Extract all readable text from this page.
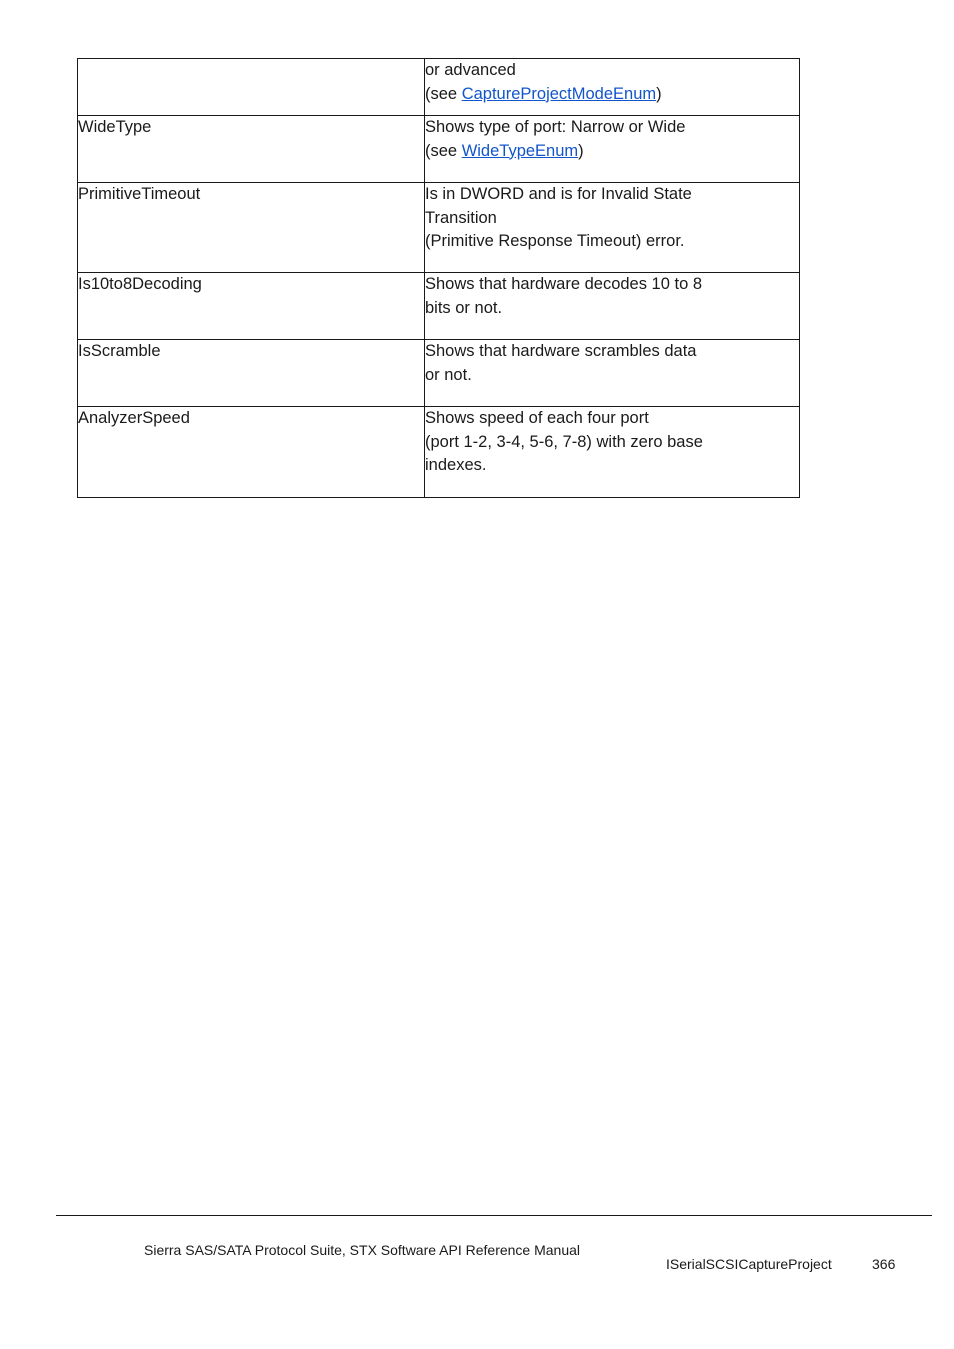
	or advanced
(see CaptureProjectModeEnum)

WideType	Shows type of port: Narrow or Wide
(see WideTypeEnum)

PrimitiveTimeout	Is in DWORD and is for Invalid State
Transition
(Primitive Response Timeout) error.

Is10to8Decoding	Shows that hardware decodes 10 to 8
bits or not.

IsScramble	Shows that hardware scrambles data
or not.

AnalyzerSpeed	Shows speed of each four port
(port 1-2, 3-4, 5-6, 7-8) with zero base
indexes.
Sierra SAS/SATA Protocol Suite, STX Software API Reference Manual
ISerialSCSICaptureProject	366
